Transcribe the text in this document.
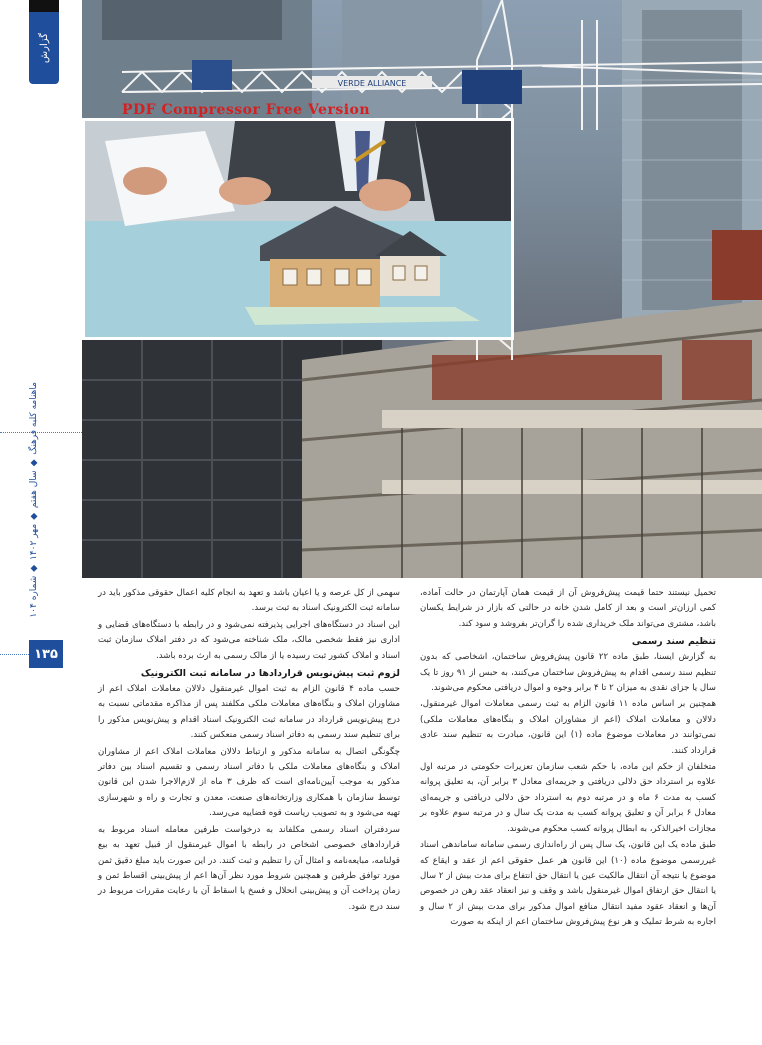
VERDE ALLIANCE
PDF Compressor Free Version
گزارش
ماهنامه کلبه فرهنگ ◆ سال هفتم ◆ مهر ۱۴۰۲ ◆ شماره ۱۰۴
۱۳۵

تحمیل نیستند حتما قیمت پیش‌فروش آن از قیمت همان آپارتمان در حالت آماده، کمی ارزان‌تر است و بعد از کامل شدن خانه در حالتی که بازار در شرایط یکسان باشد، مشتری می‌تواند ملک خریداری شده را گران‌تر بفروشد و سود کند.

تنظیم سند رسمی

به گزارش ایسنا، طبق ماده ۲۲ قانون پیش‌فروش ساختمان، اشخاصی که بدون تنظیم سند رسمی اقدام به پیش‌فروش ساختمان می‌کنند، به حبس از ۹۱ روز تا یک سال یا جزای نقدی به میزان ۲ تا ۴ برابر وجوه و اموال دریافتی محکوم می‌شوند.

همچنین بر اساس ماده ۱۱ قانون الزام به ثبت رسمی معاملات اموال غیرمنقول، دلالان و معاملات املاک (اعم از مشاوران املاک و بنگاه‌های معاملات ملکی) نمی‌توانند در معاملات موضوع ماده (۱) این قانون، مبادرت به تنظیم سند عادی قرارداد کنند.

متخلفان از حکم این ماده، با حکم شعب سازمان تعزیرات حکومتی در مرتبه اول علاوه بر استرداد حق دلالی دریافتی و جریمه‌ای معادل ۳ برابر آن، به تعلیق پروانه کسب به مدت ۶ ماه و در مرتبه دوم به استرداد حق دلالی دریافتی و جریمه‌ای معادل ۶ برابر آن و تعلیق پروانه کسب به مدت یک سال و در مرتبه سوم علاوه بر مجازات اخیرالذکر، به ابطال پروانه کسب محکوم می‌شوند.

طبق ماده یک این قانون، یک سال پس از راه‌اندازی رسمی سامانه ساماندهی اسناد غیررسمی موضوع ماده (۱۰) این قانون هر عمل حقوقی اعم از عقد و ایقاع که موضوع یا نتیجه آن انتقال مالکیت عین یا انتقال حق انتفاع برای مدت بیش از ۲ سال یا انتقال حق ارتفاق اموال غیرمنقول باشد و وقف و نیز انعقاد عقد رهن در خصوص آن‌ها و انعقاد عقود مفید انتقال منافع اموال مذکور برای مدت بیش از ۲ سال و اجاره به شرط تملیک و هر نوع پیش‌فروش ساختمان اعم از اینکه به صورت

سهمی از کل عرصه و یا اعیان باشد و تعهد به انجام کلیه اعمال حقوقی مذکور باید در سامانه ثبت الکترونیک اسناد به ثبت برسد.

این اسناد در دستگاه‌های اجرایی پذیرفته نمی‌شود و در رابطه با دستگاه‌های قضایی و اداری نیز فقط شخصی مالک، ملک شناخته می‌شود که در دفتر املاک سازمان ثبت اسناد و املاک کشور ثبت رسیده یا از مالک رسمی به ارث برده باشد.

لزوم ثبت پیش‌نویس قراردادها در سامانه ثبت الکترونیک

حسب ماده ۴ قانون الزام به ثبت اموال غیرمنقول دلالان معاملات املاک اعم از مشاوران املاک و بنگاه‌های معاملات ملکی مکلفند پس از مذاکره مقدماتی نسبت به درج پیش‌نویس قرارداد در سامانه ثبت الکترونیک اسناد اقدام و پیش‌نویس مذکور را برای تنظیم سند رسمی به دفاتر اسناد رسمی منعکس کنند.

چگونگی اتصال به سامانه مذکور و ارتباط دلالان معاملات املاک اعم از مشاوران املاک و بنگاه‌های معاملات ملکی با دفاتر اسناد رسمی و تقسیم اسناد بین دفاتر مذکور به موجب آیین‌نامه‌ای است که ظرف ۳ ماه از لازم‌الاجرا شدن این قانون توسط سازمان با همکاری وزارتخانه‌های صنعت، معدن و تجارت و راه و شهرسازی تهیه می‌شود و به تصویب ریاست قوه قضاییه می‌رسد.

سردفتران اسناد رسمی مکلفاند به درخواست طرفین معامله اسناد مربوط به قراردادهای خصوصی اشخاص در رابطه با اموال غیرمنقول از قبیل تعهد به بیع قولنامه، مبایعه‌نامه و امثال آن را تنظیم و ثبت کنند. در این صورت باید مبلغ دقیق ثمن مورد توافق طرفین و همچنین شروط مورد نظر آن‌ها اعم از پیش‌بینی اقساط ثمن و زمان پرداخت آن و پیش‌بینی انحلال و فسخ یا اسقاط آن با رعایت مقررات مربوط در سند درج شود.
